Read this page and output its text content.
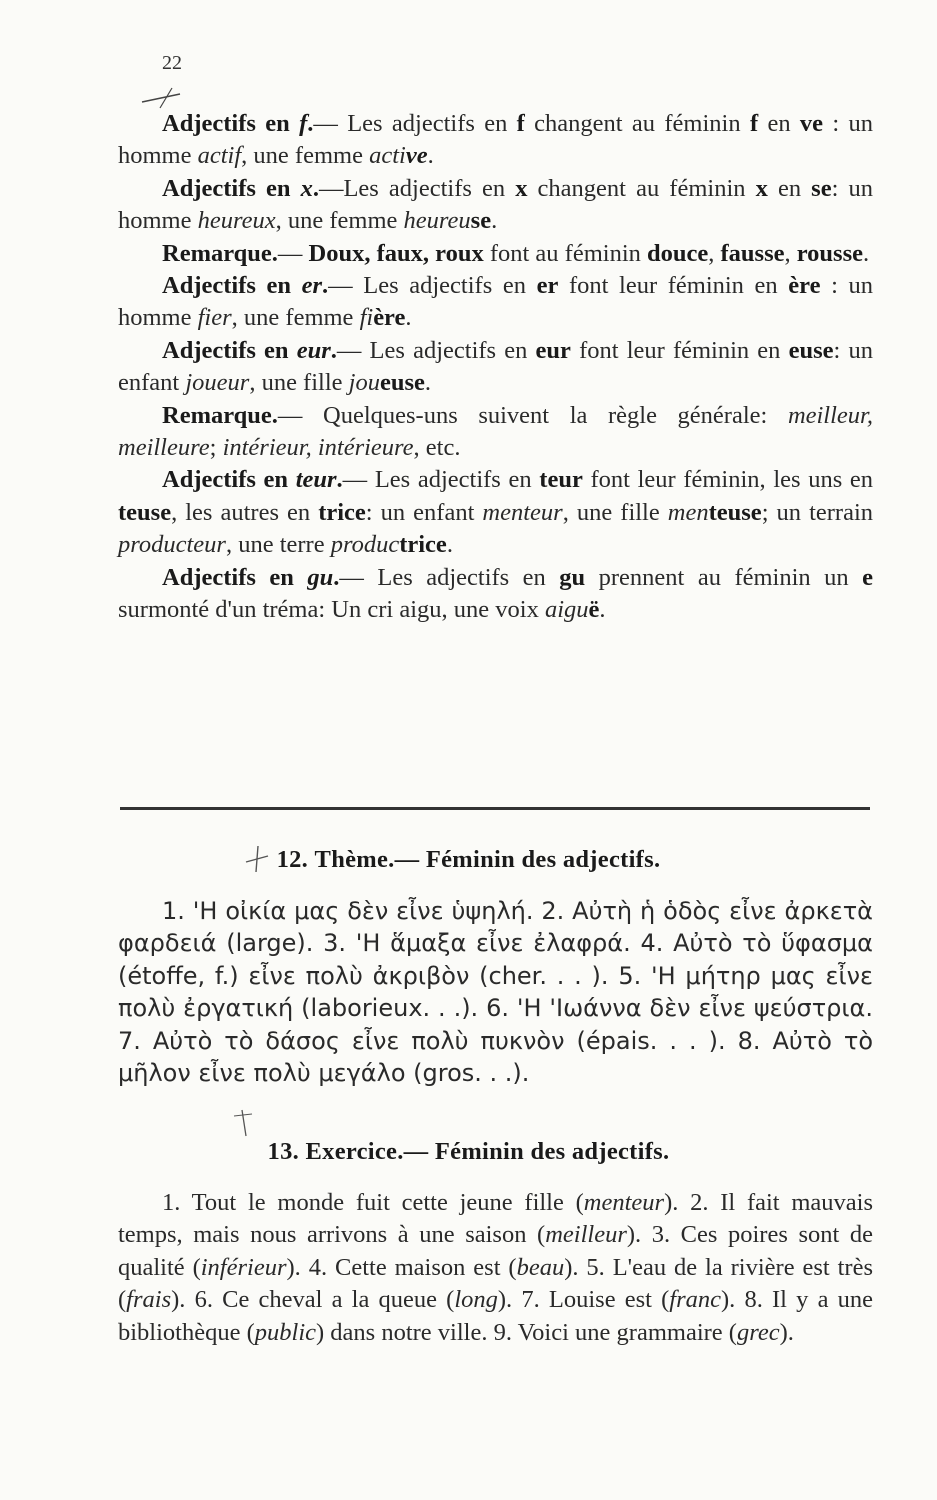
22

Adjectifs en f.— Les adjectifs en f changent au féminin f en ve : un homme actif, une femme active.

Adjectifs en x.—Les adjectifs en x changent au féminin x en se: un homme heureux, une femme heureuse.

Remarque.— Doux, faux, roux font au féminin douce, fausse, rousse.

Adjectifs en er.— Les adjectifs en er font leur féminin en ère : un homme fier, une femme fière.

Adjectifs en eur.— Les adjectifs en eur font leur féminin en euse: un enfant joueur, une fille joueuse.

Remarque.— Quelques-uns suivent la règle générale: meilleur, meilleure; intérieur, intérieure, etc.

Adjectifs en teur.— Les adjectifs en teur font leur féminin, les uns en teuse, les autres en trice: un enfant menteur, une fille menteuse; un terrain producteur, une terre productrice.

Adjectifs en gu.— Les adjectifs en gu prennent au féminin un e surmonté d'un tréma: Un cri aigu, une voix aiguë.

12. Thème.— Féminin des adjectifs.

1. 'Η οἰκία μας δὲν εἶνε ὑψηλή. 2. Αὐτὴ ἡ ὁδὸς εἶνε ἀρκετὰ φαρδειά (large). 3. 'Η ἅμαξα εἶνε ἐλαφρά. 4. Αὐτὸ τὸ ὕφασμα (étoffe, f.) εἶνε πολὺ ἀκριβὸν (cher. . . ). 5. 'Η μήτηρ μας εἶνε πολὺ ἐργατική (laborieux. . .). 6. 'Η 'Ιωάννα δὲν εἶνε ψεύστρια. 7. Αὐτὸ τὸ δάσος εἶνε πολὺ πυκνὸν (épais. . . ). 8. Αὐτὸ τὸ μῆλον εἶνε πολὺ μεγάλο (gros. . .).

13. Exercice.— Féminin des adjectifs.

1. Tout le monde fuit cette jeune fille (menteur). 2. Il fait mauvais temps, mais nous arrivons à une saison (meilleur). 3. Ces poires sont de qualité (inférieur). 4. Cette maison est (beau). 5. L'eau de la rivière est très (frais). 6. Ce cheval a la queue (long). 7. Louise est (franc). 8. Il y a une bibliothèque (public) dans notre ville. 9. Voici une grammaire (grec).
